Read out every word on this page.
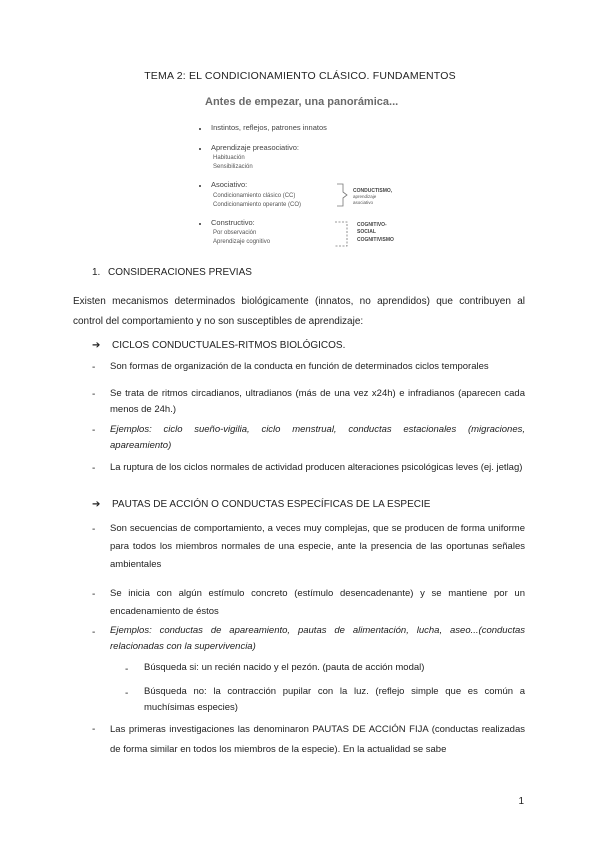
TEMA 2: EL CONDICIONAMIENTO CLÁSICO. FUNDAMENTOS
Antes de empezar, una panorámica...
Instintos, reflejos, patrones innatos
Aprendizaje preasociativo:
Habituación
Sensibilización
Asociativo:
Condicionamiento clásico (CC)
Condicionamiento operante (CO)
CONDUCTISMO,
aprendizaje
asociativo
Constructivo:
Por observación
Aprendizaje cognitivo
COGNITIVO-
SOCIAL
COGNITIVISMO
1. CONSIDERACIONES PREVIAS
Existen mecanismos determinados biológicamente (innatos, no aprendidos) que contribuyen al control del comportamiento y no son susceptibles de aprendizaje:
➔ CICLOS CONDUCTUALES-RITMOS BIOLÓGICOS.
- Son formas de organización de la conducta en función de determinados ciclos temporales
- Se trata de ritmos circadianos, ultradianos (más de una vez x24h) e infradianos (aparecen cada menos de 24h.)
- Ejemplos: ciclo sueño-vigilia, ciclo menstrual, conductas estacionales (migraciones, apareamiento)
- La ruptura de los ciclos normales de actividad producen alteraciones psicológicas leves (ej. jetlag)
➔ PAUTAS DE ACCIÓN O CONDUCTAS ESPECÍFICAS DE LA ESPECIE
- Son secuencias de comportamiento, a veces muy complejas, que se producen de forma uniforme para todos los miembros normales de una especie, ante la presencia de las oportunas señales ambientales
- Se inicia con algún estímulo concreto (estímulo desencadenante) y se mantiene por un encadenamiento de éstos
- Ejemplos: conductas de apareamiento, pautas de alimentación, lucha, aseo...(conductas relacionadas con la supervivencia)
- Búsqueda si: un recién nacido y el pezón. (pauta de acción modal)
- Búsqueda no: la contracción pupilar con la luz. (reflejo simple que es común a muchísimas especies)
- Las primeras investigaciones las denominaron PAUTAS DE ACCIÓN FIJA (conductas realizadas de forma similar en todos los miembros de la especie). En la actualidad se sabe
1
